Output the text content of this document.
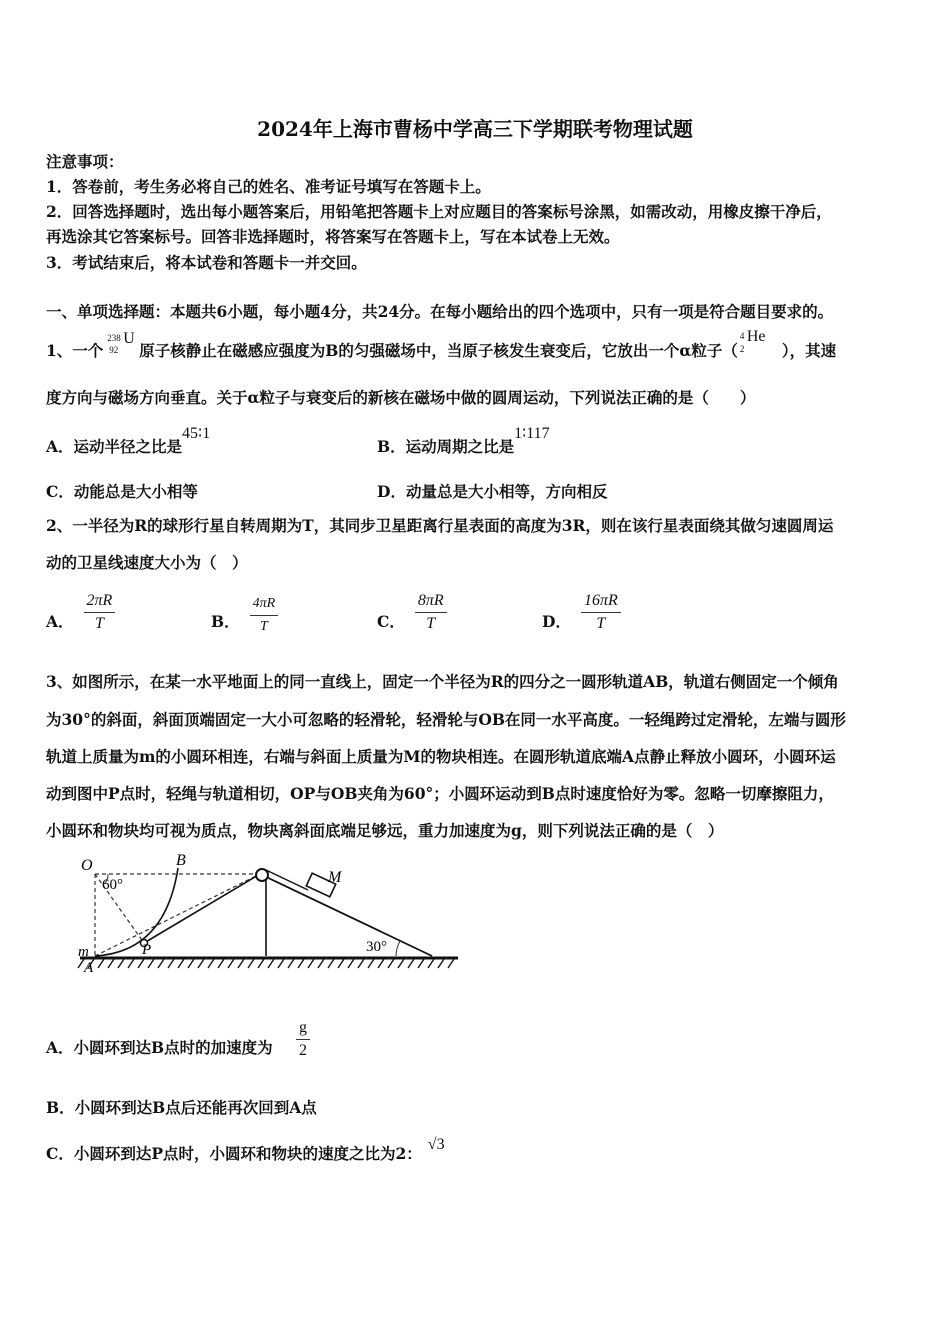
2024年上海市曹杨中学高三下学期联考物理试题
注意事项：
1．答卷前，考生务必将自己的姓名、准考证号填写在答题卡上。
2．回答选择题时，选出每小题答案后，用铅笔把答题卡上对应题目的答案标号涂黑，如需改动，用橡皮擦干净后，
再选涂其它答案标号。回答非选择题时，将答案写在答题卡上，写在本试卷上无效。
3．考试结束后，将本试卷和答题卡一并交回。
一、单项选择题：本题共6小题，每小题4分，共24分。在每小题给出的四个选项中，只有一项是符合题目要求的。
1、一个
238
92
U
原子核静止在磁感应强度为B的匀强磁场中，当原子核发生衰变后，它放出一个α粒子（
4
2
He
），其速
度方向与磁场方向垂直。关于α粒子与衰变后的新核在磁场中做的圆周运动，下列说法正确的是（　　）
A．运动半径之比是45∶1
B．运动周期之比是1∶117
C．动能总是大小相等	D．动量总是大小相等，方向相反
2、一半径为R的球形行星自转周期为T，其同步卫星距离行星表面的高度为3R，则在该行星表面绕其做匀速圆周运
动的卫星线速度大小为（　）
A． $\frac{2\pi R}{T}$	B． $\frac{4\pi R}{T}$	C． $\frac{8\pi R}{T}$	D． $\frac{16\pi R}{T}$
3、如图所示，在某一水平地面上的同一直线上，固定一个半径为R的四分之一圆形轨道AB，轨道右侧固定一个倾角
为30°的斜面，斜面顶端固定一大小可忽略的轻滑轮，轻滑轮与OB在同一水平高度。一轻绳跨过定滑轮，左端与圆形
轨道上质量为m的小圆环相连，右端与斜面上质量为M的物块相连。在圆形轨道底端A点静止释放小圆环，小圆环运
动到图中P点时，轻绳与轨道相切，OP与OB夹角为60°；小圆环运动到B点时速度恰好为零。忽略一切摩擦阻力，
小圆环和物块均可视为质点，物块离斜面底端足够远，重力加速度为g，则下列说法正确的是（　）
O
60°
B
M
P
m
A
30°
A．小圆环到达B点时的加速度为 $\frac{g}{2}$
B．小圆环到达B点后还能再次回到A点
C．小圆环到达P点时，小圆环和物块的速度之比为2： √3
